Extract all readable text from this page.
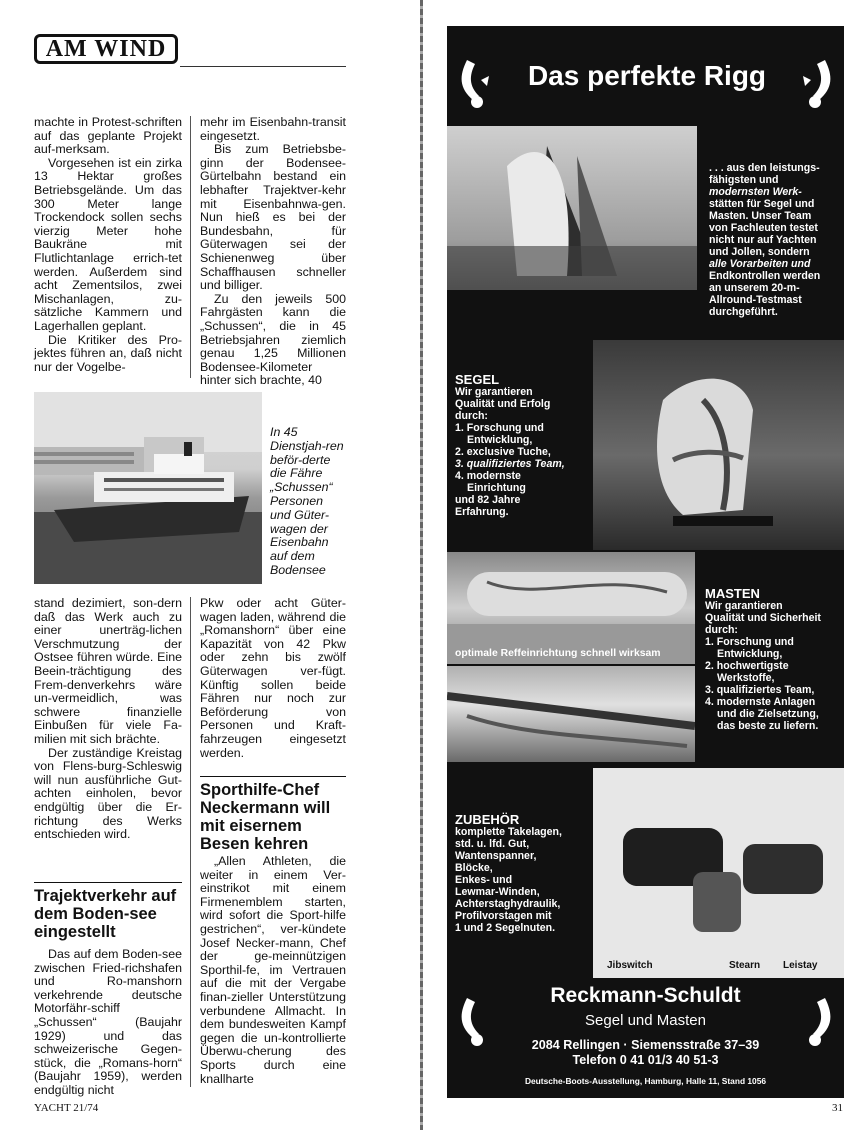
AM WIND

machte in Protest-schriften auf das geplante Projekt auf-merksam.

Vorgesehen ist ein zirka 13 Hektar großes Betriebsgelände. Um das 300 Meter lange Trockendock sollen sechs vierzig Meter hohe Baukräne mit Flutlichtanlage errich-tet werden. Außerdem sind acht Zementsilos, zwei Mischanlagen, zu-sätzliche Kammern und Lagerhallen geplant.

Die Kritiker des Pro-jektes führen an, daß nicht nur der Vogelbe-

mehr im Eisenbahn-transit eingesetzt.

Bis zum Betriebsbe-ginn der Bodensee-Gürtelbahn bestand ein lebhafter Trajektver-kehr mit Eisenbahnwa-gen. Nun hieß es bei der Bundesbahn, für Güterwagen sei der Schienenweg über Schaffhausen schneller und billiger.

Zu den jeweils 500 Fahrgästen kann die „Schussen“, die in 45 Betriebsjahren ziemlich genau 1,25 Millionen Bodensee-Kilometer hinter sich brachte, 40

In 45 Dienstjah-ren beför-derte die Fähre „Schussen“ Personen und Güter-wagen der Eisenbahn auf dem Bodensee

stand dezimiert, son-dern daß das Werk auch zu einer unerträg-lichen Verschmutzung der Ostsee führen würde. Eine Beein-trächtigung des Frem-denverkehrs wäre un-vermeidlich, was schwere finanzielle Einbußen für viele Fa-milien mit sich brächte.

Der zuständige Kreistag von Flens-burg-Schleswig will nun ausführliche Gut-achten einholen, bevor endgültig über die Er-richtung des Werks entschieden wird.

Pkw oder acht Güter-wagen laden, während die „Romanshorn“ über eine Kapazität von 42 Pkw oder zehn bis zwölf Güterwagen ver-fügt. Künftig sollen beide Fähren nur noch zur Beförderung von Personen und Kraft-fahrzeugen eingesetzt werden.

Sporthilfe-Chef Neckermann will mit eisernem Besen kehren

„Allen Athleten, die weiter in einem Ver-einstrikot mit einem Firmenemblem starten, wird sofort die Sport-hilfe gestrichen“, ver-kündete Josef Necker-mann, Chef der ge-meinnützigen Sporthil-fe, im Vertrauen auf die mit der Vergabe finan-zieller Unterstützung verbundene Allmacht. In dem bundesweiten Kampf gegen die un-kontrollierte Überwu-cherung des Sports durch eine knallharte

Trajektverkehr auf dem Boden-see eingestellt

Das auf dem Boden-see zwischen Fried-richshafen und Ro-manshorn verkehrende deutsche Motorfähr-schiff „Schussen“ (Baujahr 1929) und das schweizerische Gegen-stück, die „Romans-horn“ (Baujahr 1959), werden endgültig nicht

YACHT 21/74	31
Das perfekte Rigg
. . . aus den leistungs-
fähigsten und
modernsten Werk-
stätten für Segel und
Masten. Unser Team
von Fachleuten testet
nicht nur auf Yachten
und Jollen, sondern
alle Vorarbeiten und
Endkontrollen werden
an unserem 20-m-
Allround-Testmast
durchgeführt.
SEGEL
Wir garantieren
Qualität und Erfolg
durch:
1. Forschung und
Entwicklung,
2. exclusive Tuche,
3. qualifiziertes Team,
4. modernste
Einrichtung
und 82 Jahre
Erfahrung.
optimale Reffeinrichtung schnell wirksam
MASTEN
Wir garantieren
Qualität und Sicherheit
durch:
1. Forschung und
Entwicklung,
2. hochwertigste
Werkstoffe,
3. qualifiziertes Team,
4. modernste Anlagen
und die Zielsetzung,
das beste zu liefern.
Jibswitch	Stearn Leistay
ZUBEHÖR
komplette Takelagen,
std. u. lfd. Gut,
Wantenspanner,
Blöcke,
Enkes- und
Lewmar-Winden,
Achterstaghydraulik,
Profilvorstagen mit
1 und 2 Segelnuten.
Reckmann-Schuldt
Segel und Masten
2084 Rellingen · Siemensstraße 37–39
Telefon 0 41 01/3 40 51-3
Deutsche-Boots-Ausstellung, Hamburg, Halle 11, Stand 1056
